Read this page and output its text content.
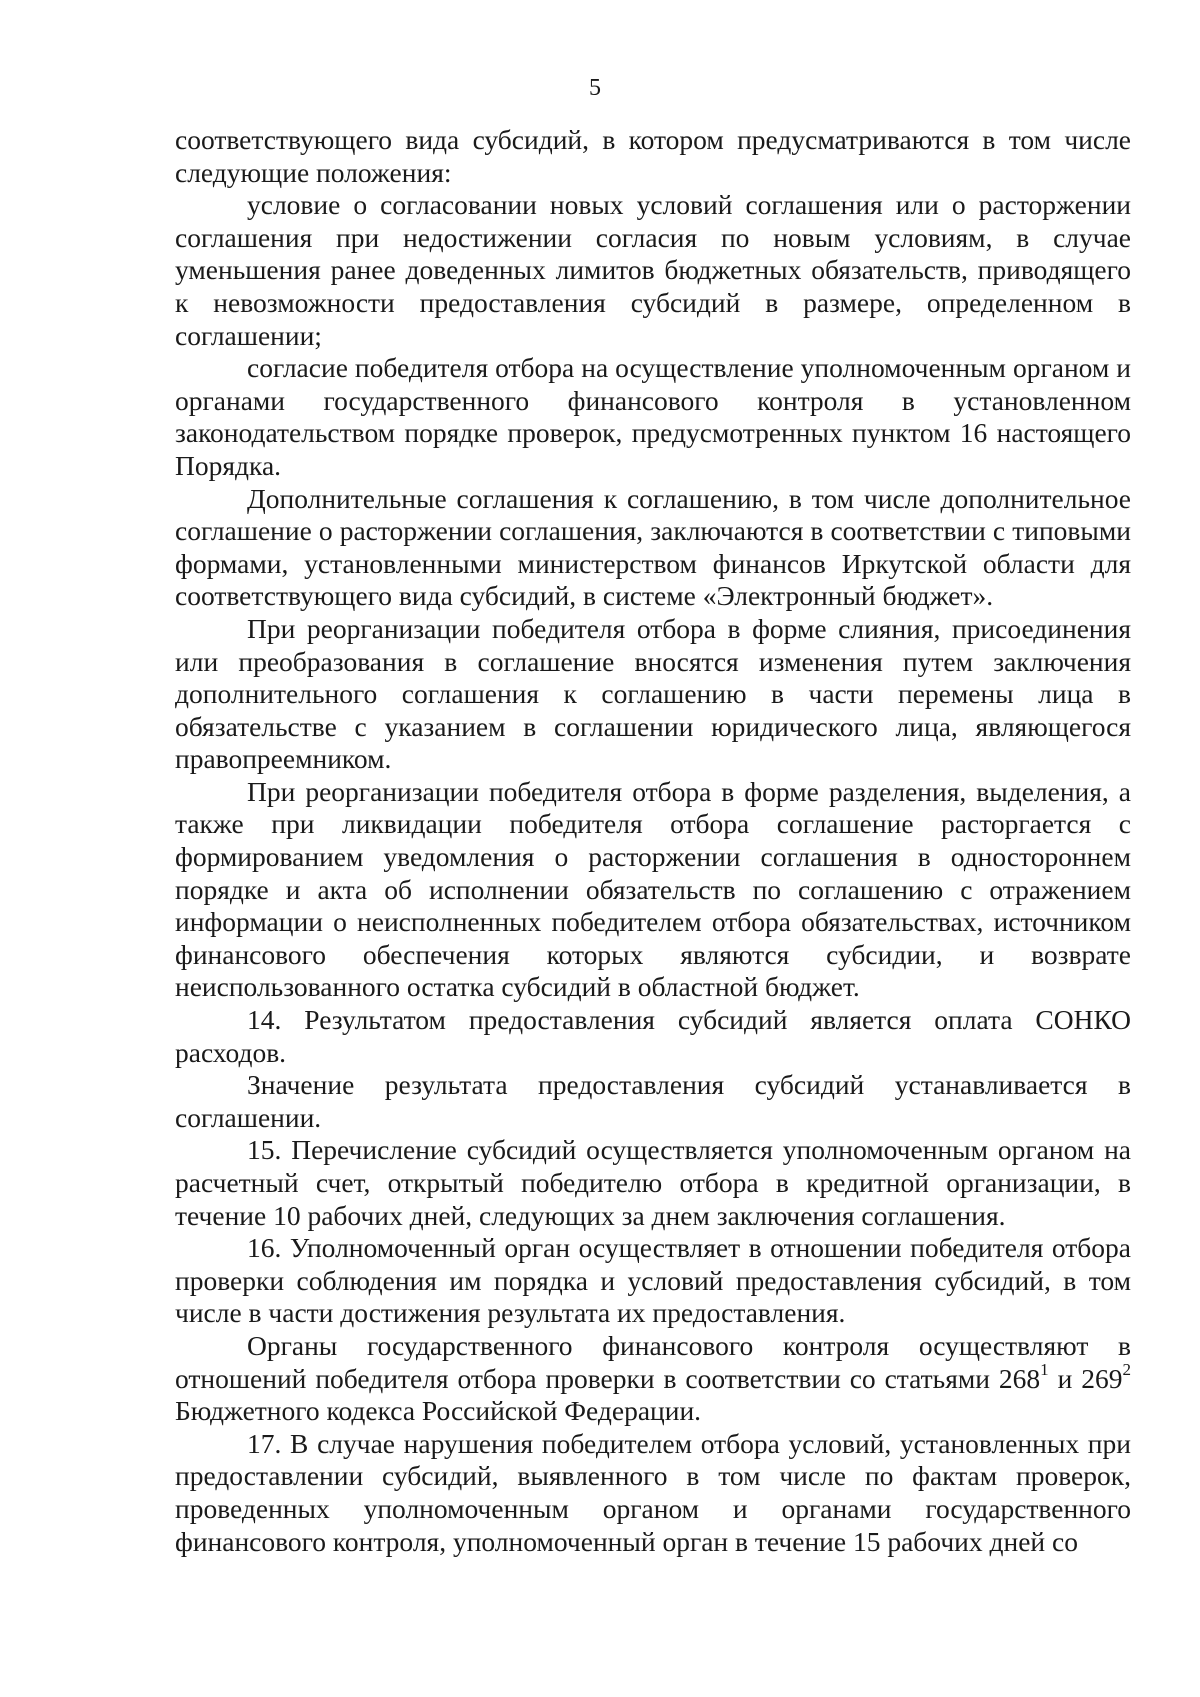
5

соответствующего вида субсидий, в котором предусматриваются в том числе следующие положения:

условие о согласовании новых условий соглашения или о расторжении соглашения при недостижении согласия по новым условиям, в случае уменьшения ранее доведенных лимитов бюджетных обязательств, приводящего к невозможности предоставления субсидий в размере, определенном в соглашении;

согласие победителя отбора на осуществление уполномоченным органом и органами государственного финансового контроля в установленном законодательством порядке проверок, предусмотренных пунктом 16 настоящего Порядка.

Дополнительные соглашения к соглашению, в том числе дополнительное соглашение о расторжении соглашения, заключаются в соответствии с типовыми формами, установленными министерством финансов Иркутской области для соответствующего вида субсидий, в системе «Электронный бюджет».

При реорганизации победителя отбора в форме слияния, присоединения или преобразования в соглашение вносятся изменения путем заключения дополнительного соглашения к соглашению в части перемены лица в обязательстве с указанием в соглашении юридического лица, являющегося правопреемником.

При реорганизации победителя отбора в форме разделения, выделения, а также при ликвидации победителя отбора соглашение расторгается с формированием уведомления о расторжении соглашения в одностороннем порядке и акта об исполнении обязательств по соглашению с отражением информации о неисполненных победителем отбора обязательствах, источником финансового обеспечения которых являются субсидии, и возврате неиспользованного остатка субсидий в областной бюджет.

14. Результатом предоставления субсидий является оплата СОНКО расходов.

Значение результата предоставления субсидий устанавливается в соглашении.

15. Перечисление субсидий осуществляется уполномоченным органом на расчетный счет, открытый победителю отбора в кредитной организации, в течение 10 рабочих дней, следующих за днем заключения соглашения.

16. Уполномоченный орган осуществляет в отношении победителя отбора проверки соблюдения им порядка и условий предоставления субсидий, в том числе в части достижения результата их предоставления.

Органы государственного финансового контроля осуществляют в отношений победителя отбора проверки в соответствии со статьями $268^1$ и $269^2$ Бюджетного кодекса Российской Федерации.

17. В случае нарушения победителем отбора условий, установленных при предоставлении субсидий, выявленного в том числе по фактам проверок, проведенных уполномоченным органом и органами государственного финансового контроля, уполномоченный орган в течение 15 рабочих дней со
